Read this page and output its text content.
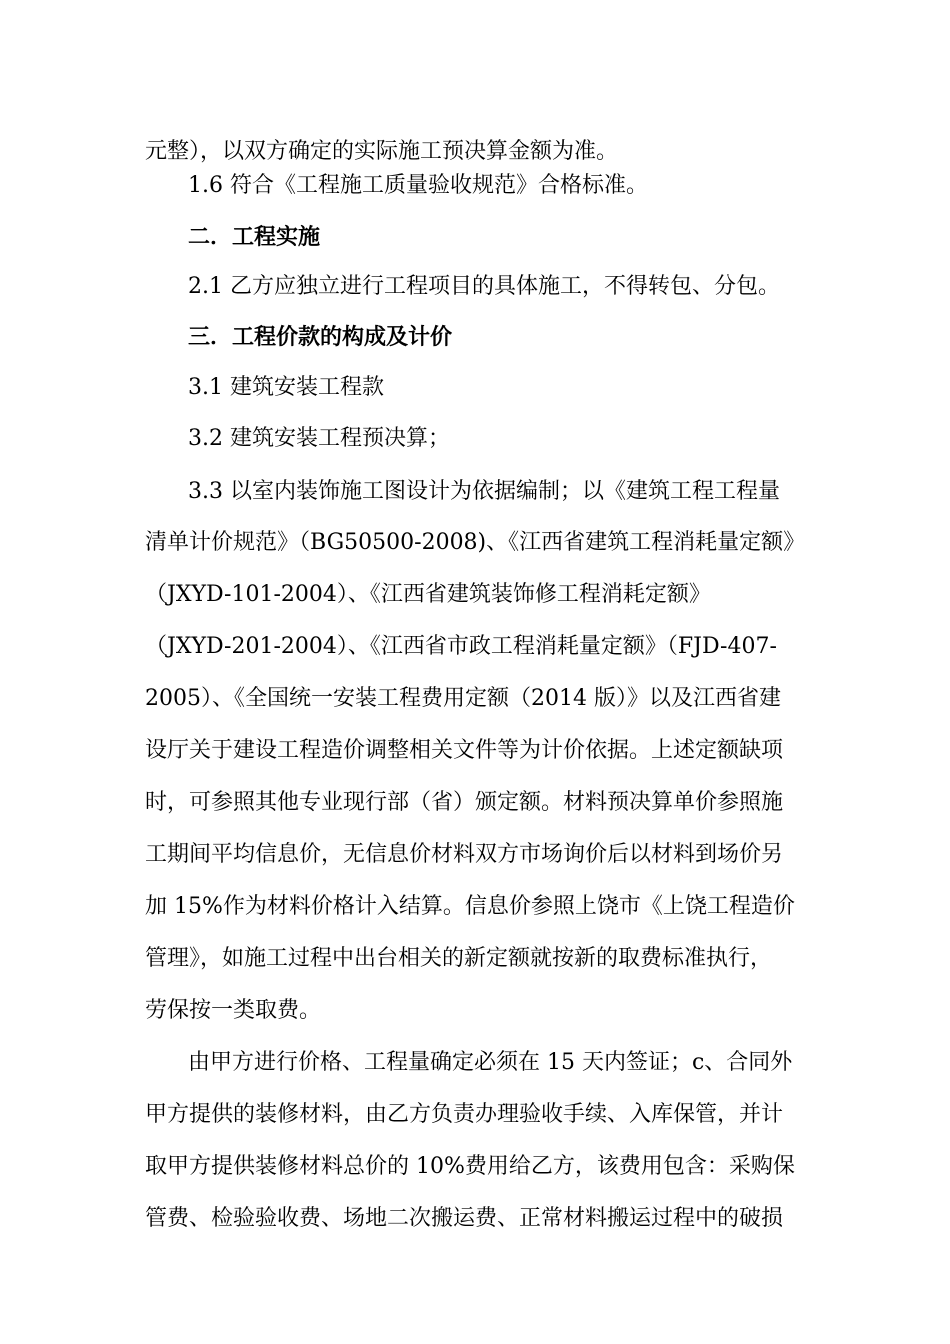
元整），以双方确定的实际施工预决算金额为准。

1.6 符合《工程施工质量验收规范》合格标准。

二．工程实施

2.1 乙方应独立进行工程项目的具体施工，不得转包、分包。

三．工程价款的构成及计价

3.1 建筑安装工程款

3.2 建筑安装工程预决算；

3.3 以室内装饰施工图设计为依据编制；以《建筑工程工程量

清单计价规范》（BG50500-2008)、《江西省建筑工程消耗量定额》

（JXYD-101-2004）、《江西省建筑装饰修工程消耗定额》

（JXYD-201-2004）、《江西省市政工程消耗量定额》（FJD-407-

2005）、《全国统一安装工程费用定额（2014 版）》以及江西省建

设厅关于建设工程造价调整相关文件等为计价依据。上述定额缺项

时，可参照其他专业现行部（省）颁定额。材料预决算单价参照施

工期间平均信息价，无信息价材料双方市场询价后以材料到场价另

加 15%作为材料价格计入结算。信息价参照上饶市《上饶工程造价

管理》，如施工过程中出台相关的新定额就按新的取费标准执行，

劳保按一类取费。

由甲方进行价格、工程量确定必须在 15 天内签证；c、合同外

甲方提供的装修材料，由乙方负责办理验收手续、入库保管，并计

取甲方提供装修材料总价的 10%费用给乙方，该费用包含：采购保

管费、检验验收费、场地二次搬运费、正常材料搬运过程中的破损
